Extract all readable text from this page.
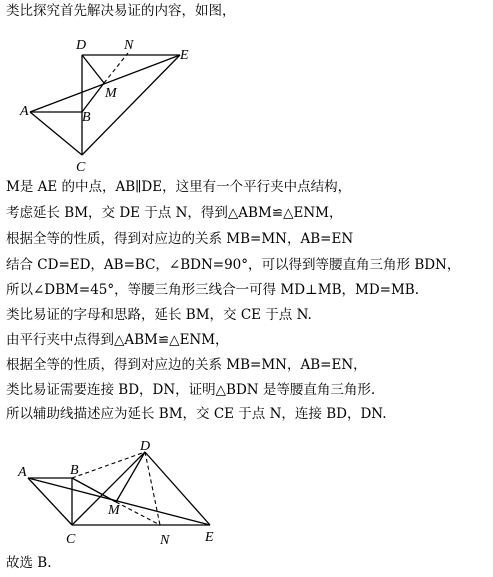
类比探究首先解决易证的内容，如图，
D	N
E
A
M
B
C
M是 AE 的中点，AB∥DE，这里有一个平行夹中点结构，
考虑延长 BM，交 DE 于点 N，得到△ABM≌△ENM，
根据全等的性质，得到对应边的关系 MB=MN，AB=EN
结合 CD=ED，AB=BC，∠BDN=90°，可以得到等腰直角三角形 BDN，
所以∠DBM=45°，等腰三角形三线合一可得 MD⊥MB，MD=MB.
类比易证的字母和思路，延长 BM，交 CE 于点 N.
由平行夹中点得到△ABM≌△ENM，
根据全等的性质，得到对应边的关系 MB=MN，AB=EN，
类比易证需要连接 BD，DN，证明△BDN 是等腰直角三角形.
所以辅助线描述应为延长 BM，交 CE 于点 N，连接 BD，DN.
A	B
D
M
C	N	E
故选 B.
